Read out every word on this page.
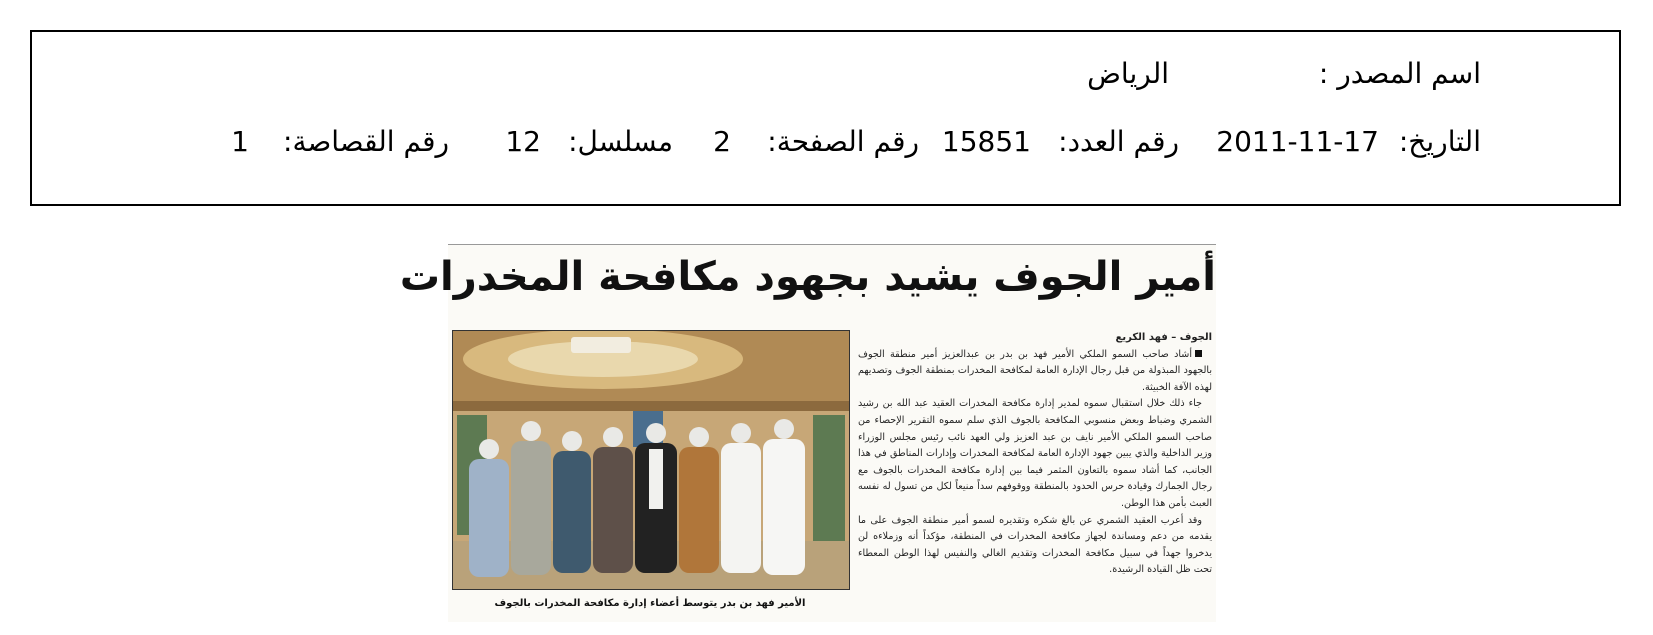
اسم المصدر :
الرياض
التاريخ:
2011-11-17
رقم العدد:
15851
رقم الصفحة:
2
مسلسل:
12
رقم القصاصة:
1
أمير الجوف يشيد بجهود مكافحة المخدرات
الأمير فهد بن بدر يتوسط أعضاء إدارة مكافحة المخدرات بالجوف
الجوف – فهد الكريع

أشاد صاحب السمو الملكي الأمير فهد بن بدر بن عبدالعزيز أمير منطقة الجوف بالجهود المبذولة من قبل رجال الإدارة العامة لمكافحة المخدرات بمنطقة الجوف وتصديهم لهذه الآفة الخبيثة.

جاء ذلك خلال استقبال سموه لمدير إدارة مكافحة المخدرات العقيد عبد الله بن رشيد الشمري وضباط وبعض منسوبي المكافحة بالجوف الذي سلم سموه التقرير الإحصاء من صاحب السمو الملكي الأمير نايف بن عبد العزيز ولي العهد نائب رئيس مجلس الوزراء وزير الداخلية والذي يبين جهود الإدارة العامة لمكافحة المخدرات وإدارات المناطق في هذا الجانب، كما أشاد سموه بالتعاون المثمر فيما بين إدارة مكافحة المخدرات بالجوف مع رجال الجمارك وقيادة حرس الحدود بالمنطقة ووقوفهم سداً منيعاً لكل من تسول له نفسه العبث بأمن هذا الوطن.

وقد أعرب العقيد الشمري عن بالغ شكره وتقديره لسمو أمير منطقة الجوف على ما يقدمه من دعم ومساندة لجهاز مكافحة المخدرات في المنطقة، مؤكداً أنه وزملاءه لن يدخروا جهداً في سبيل مكافحة المخدرات وتقديم الغالي والنفيس لهذا الوطن المعطاء تحت ظل القيادة الرشيدة.
